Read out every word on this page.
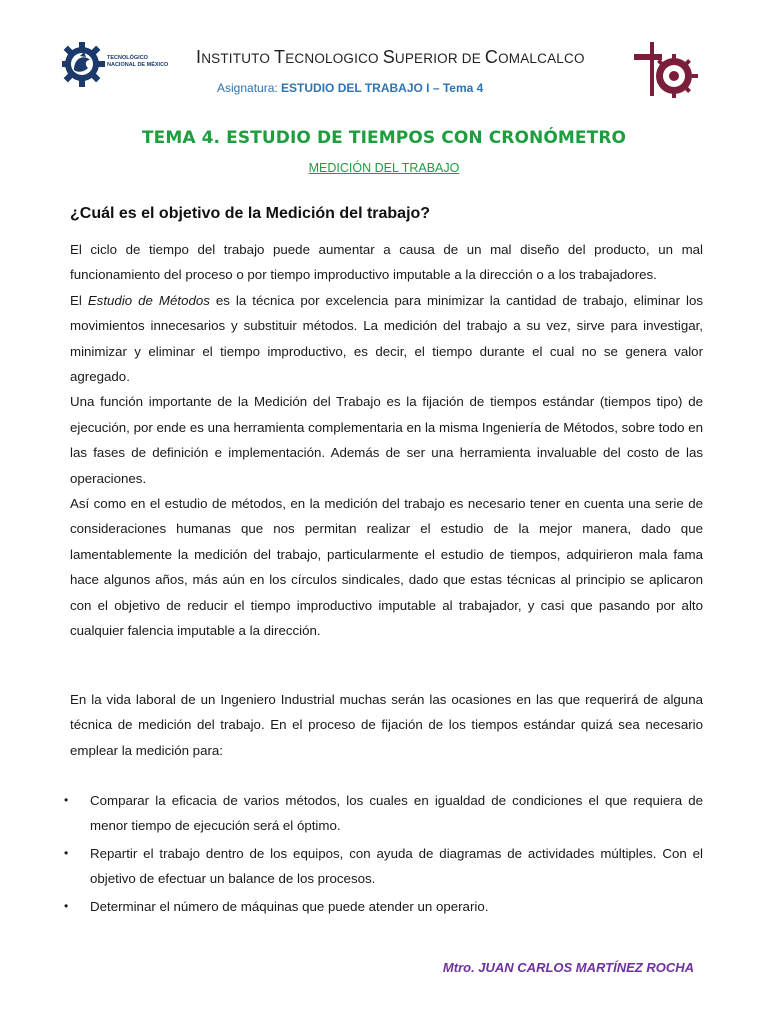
TECNOLÓGICO
NACIONAL DE MÉXICO INSTITUTO TECNOLOGICO SUPERIOR DE COMALCALCO
Asignatura: ESTUDIO DEL TRABAJO I – Tema 4
TEMA 4. ESTUDIO DE TIEMPOS CON CRONÓMETRO
MEDICIÓN DEL TRABAJO
¿Cuál es el objetivo de la Medición del trabajo?

El ciclo de tiempo del trabajo puede aumentar a causa de un mal diseño del producto, un mal funcionamiento del proceso o por tiempo improductivo imputable a la dirección o a los trabajadores.

El Estudio de Métodos es la técnica por excelencia para minimizar la cantidad de trabajo, eliminar los movimientos innecesarios y substituir métodos. La medición del trabajo a su vez, sirve para investigar, minimizar y eliminar el tiempo improductivo, es decir, el tiempo durante el cual no se genera valor agregado.

Una función importante de la Medición del Trabajo es la fijación de tiempos estándar (tiempos tipo) de ejecución, por ende es una herramienta complementaria en la misma Ingeniería de Métodos, sobre todo en las fases de definición e implementación. Además de ser una herramienta invaluable del costo de las operaciones.

Así como en el estudio de métodos, en la medición del trabajo es necesario tener en cuenta una serie de consideraciones humanas que nos permitan realizar el estudio de la mejor manera, dado que lamentablemente la medición del trabajo, particularmente el estudio de tiempos, adquirieron mala fama hace algunos años, más aún en los círculos sindicales, dado que estas técnicas al principio se aplicaron con el objetivo de reducir el tiempo improductivo imputable al trabajador, y casi que pasando por alto cualquier falencia imputable a la dirección.

En la vida laboral de un Ingeniero Industrial muchas serán las ocasiones en las que requerirá de alguna técnica de medición del trabajo. En el proceso de fijación de los tiempos estándar quizá sea necesario emplear la medición para:

• Comparar la eficacia de varios métodos, los cuales en igualdad de condiciones el que requiera de menor tiempo de ejecución será el óptimo.
• Repartir el trabajo dentro de los equipos, con ayuda de diagramas de actividades múltiples. Con el objetivo de efectuar un balance de los procesos.
• Determinar el número de máquinas que puede atender un operario.
Mtro. JUAN CARLOS MARTÍNEZ ROCHA
